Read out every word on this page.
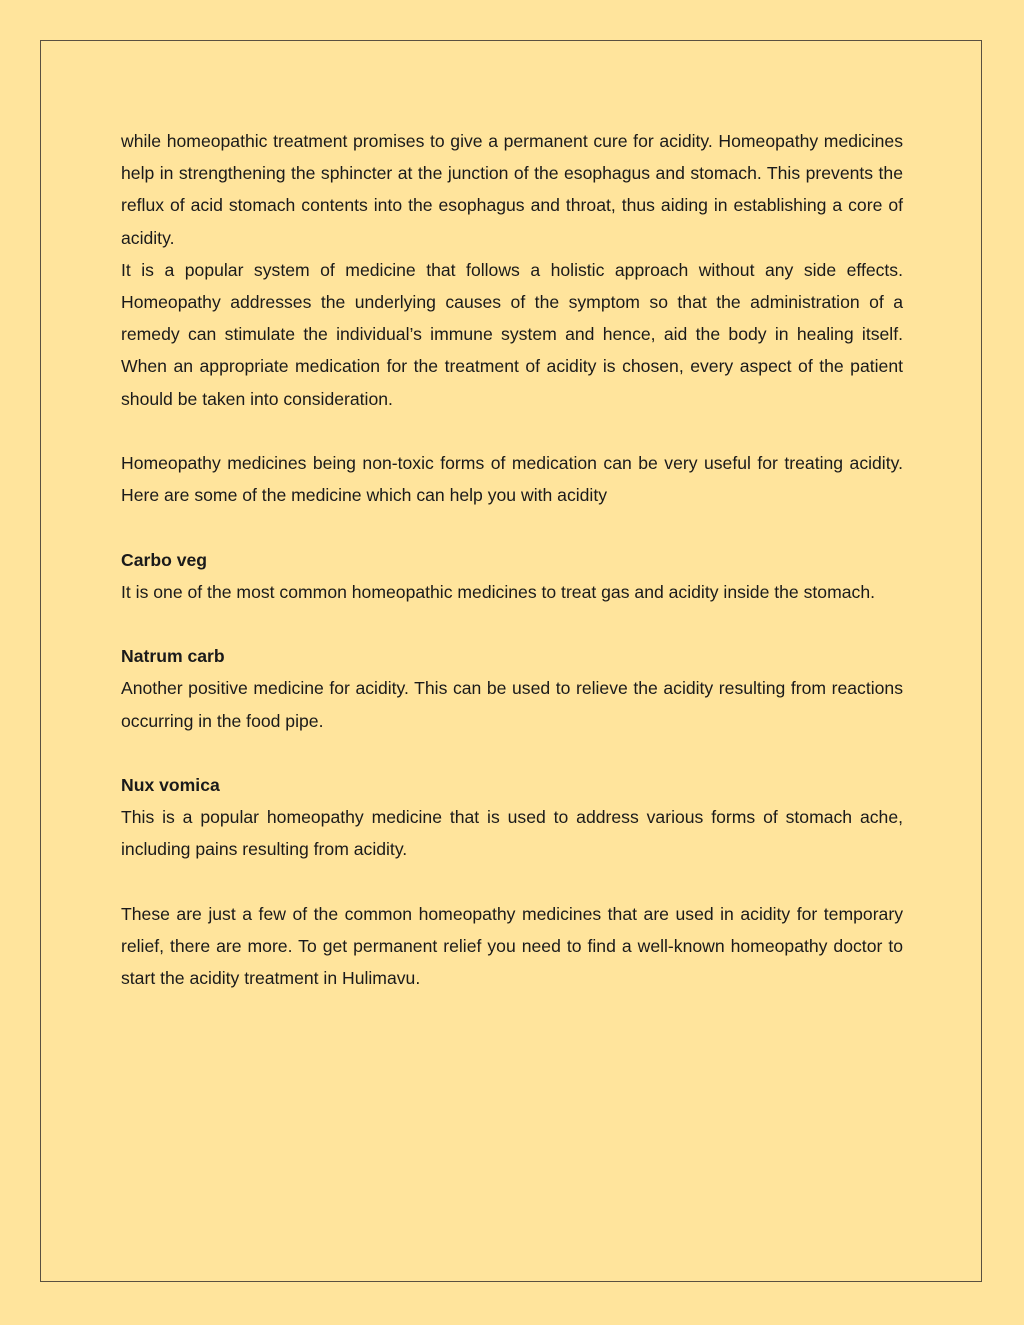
while homeopathic treatment promises to give a permanent cure for acidity. Homeopathy medicines help in strengthening the sphincter at the junction of the esophagus and stomach. This prevents the reflux of acid stomach contents into the esophagus and throat, thus aiding in establishing a core of acidity.

It is a popular system of medicine that follows a holistic approach without any side effects. Homeopathy addresses the underlying causes of the symptom so that the administration of a remedy can stimulate the individual’s immune system and hence, aid the body in healing itself. When an appropriate medication for the treatment of acidity is chosen, every aspect of the patient should be taken into consideration.

Homeopathy medicines being non-toxic forms of medication can be very useful for treating acidity. Here are some of the medicine which can help you with acidity

Carbo veg

It is one of the most common homeopathic medicines to treat gas and acidity inside the stomach.

Natrum carb

Another positive medicine for acidity. This can be used to relieve the acidity resulting from reactions occurring in the food pipe.

Nux vomica

This is a popular homeopathy medicine that is used to address various forms of stomach ache, including pains resulting from acidity.

These are just a few of the common homeopathy medicines that are used in acidity for temporary relief, there are more. To get permanent relief you need to find a well-known homeopathy doctor to start the acidity treatment in Hulimavu.
